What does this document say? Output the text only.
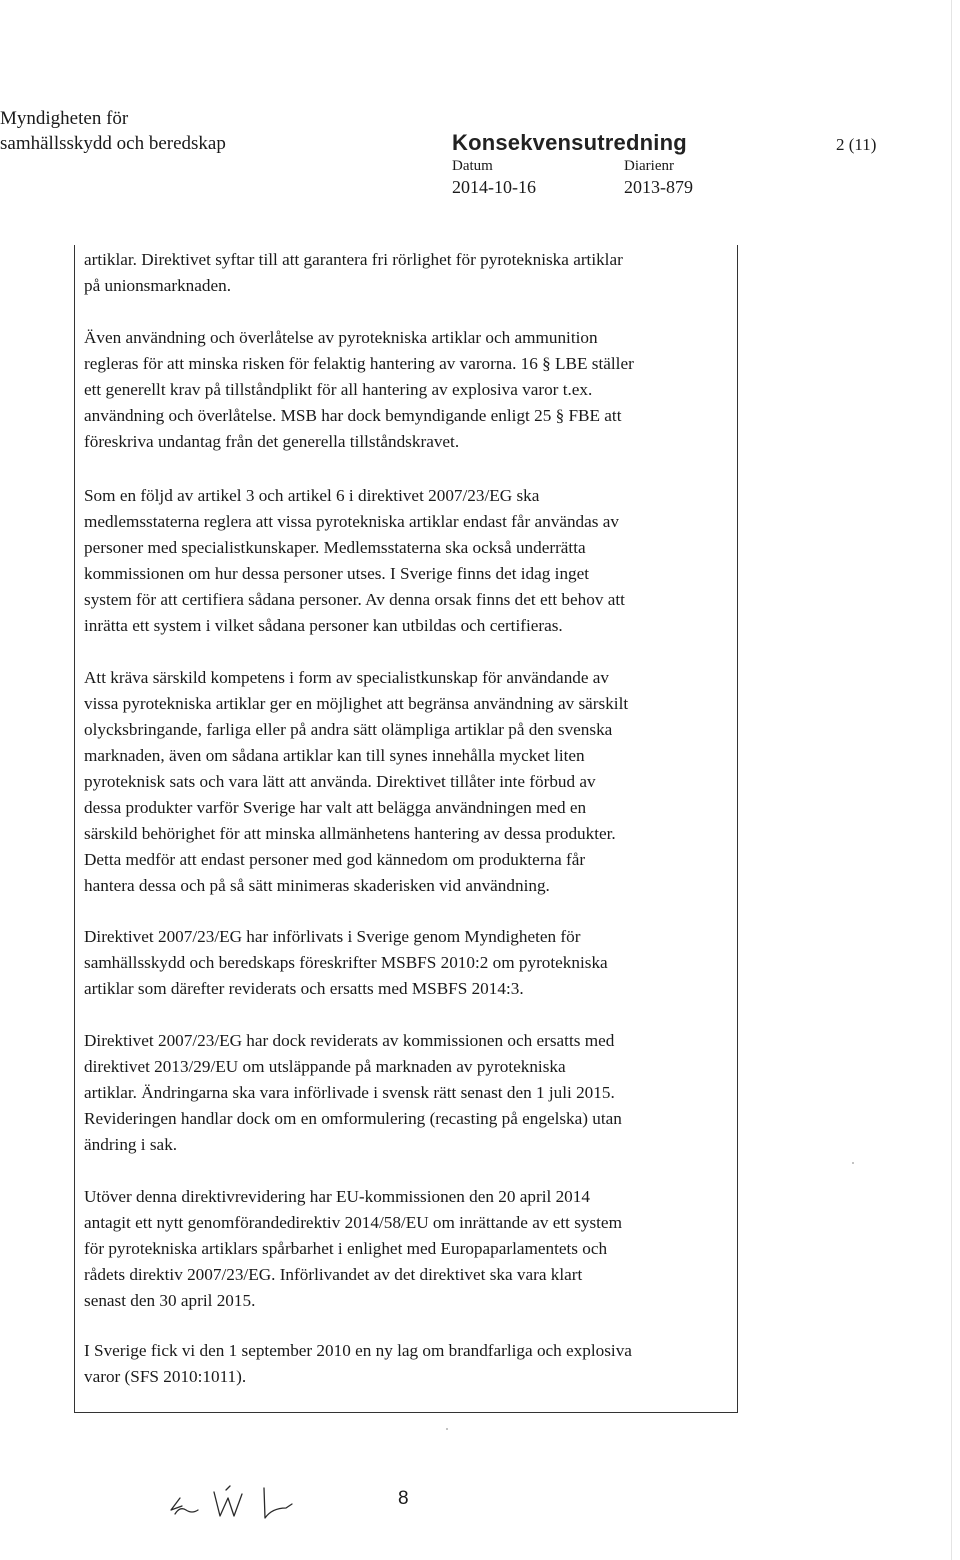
Myndigheten för
samhällsskydd och beredskap	Konsekvensutredning
Datum
2014-10-16
Diarienr
2013-879
2 (11)

artiklar. Direktivet syftar till att garantera fri rörlighet för pyrotekniska artiklar
på unionsmarknaden.

Även användning och överlåtelse av pyrotekniska artiklar och ammunition
regleras för att minska risken för felaktig hantering av varorna. 16 § LBE ställer
ett generellt krav på tillståndplikt för all hantering av explosiva varor t.ex.
användning och överlåtelse. MSB har dock bemyndigande enligt 25 § FBE att
föreskriva undantag från det generella tillståndskravet.

Som en följd av artikel 3 och artikel 6 i direktivet 2007/23/EG ska
medlemsstaterna reglera att vissa pyrotekniska artiklar endast får användas av
personer med specialistkunskaper. Medlemsstaterna ska också underrätta
kommissionen om hur dessa personer utses. I Sverige finns det idag inget
system för att certifiera sådana personer. Av denna orsak finns det ett behov att
inrätta ett system i vilket sådana personer kan utbildas och certifieras.

Att kräva särskild kompetens i form av specialistkunskap för användande av
vissa pyrotekniska artiklar ger en möjlighet att begränsa användning av särskilt
olycksbringande, farliga eller på andra sätt olämpliga artiklar på den svenska
marknaden, även om sådana artiklar kan till synes innehålla mycket liten
pyroteknisk sats och vara lätt att använda. Direktivet tillåter inte förbud av
dessa produkter varför Sverige har valt att belägga användningen med en
särskild behörighet för att minska allmänhetens hantering av dessa produkter.
Detta medför att endast personer med god kännedom om produkterna får
hantera dessa och på så sätt minimeras skaderisken vid användning.

Direktivet 2007/23/EG har införlivats i Sverige genom Myndigheten för
samhällsskydd och beredskaps föreskrifter MSBFS 2010:2 om pyrotekniska
artiklar som därefter reviderats och ersatts med MSBFS 2014:3.

Direktivet 2007/23/EG har dock reviderats av kommissionen och ersatts med
direktivet 2013/29/EU om utsläppande på marknaden av pyrotekniska
artiklar. Ändringarna ska vara införlivade i svensk rätt senast den 1 juli 2015.
Revideringen handlar dock om en omformulering (recasting på engelska) utan
ändring i sak.

Utöver denna direktivrevidering har EU-kommissionen den 20 april 2014
antagit ett nytt genomförandedirektiv 2014/58/EU om inrättande av ett system
för pyrotekniska artiklars spårbarhet i enlighet med Europaparlamentets och
rådets direktiv 2007/23/EG. Införlivandet av det direktivet ska vara klart
senast den 30 april 2015.

I Sverige fick vi den 1 september 2010 en ny lag om brandfarliga och explosiva
varor (SFS 2010:1011).

8
